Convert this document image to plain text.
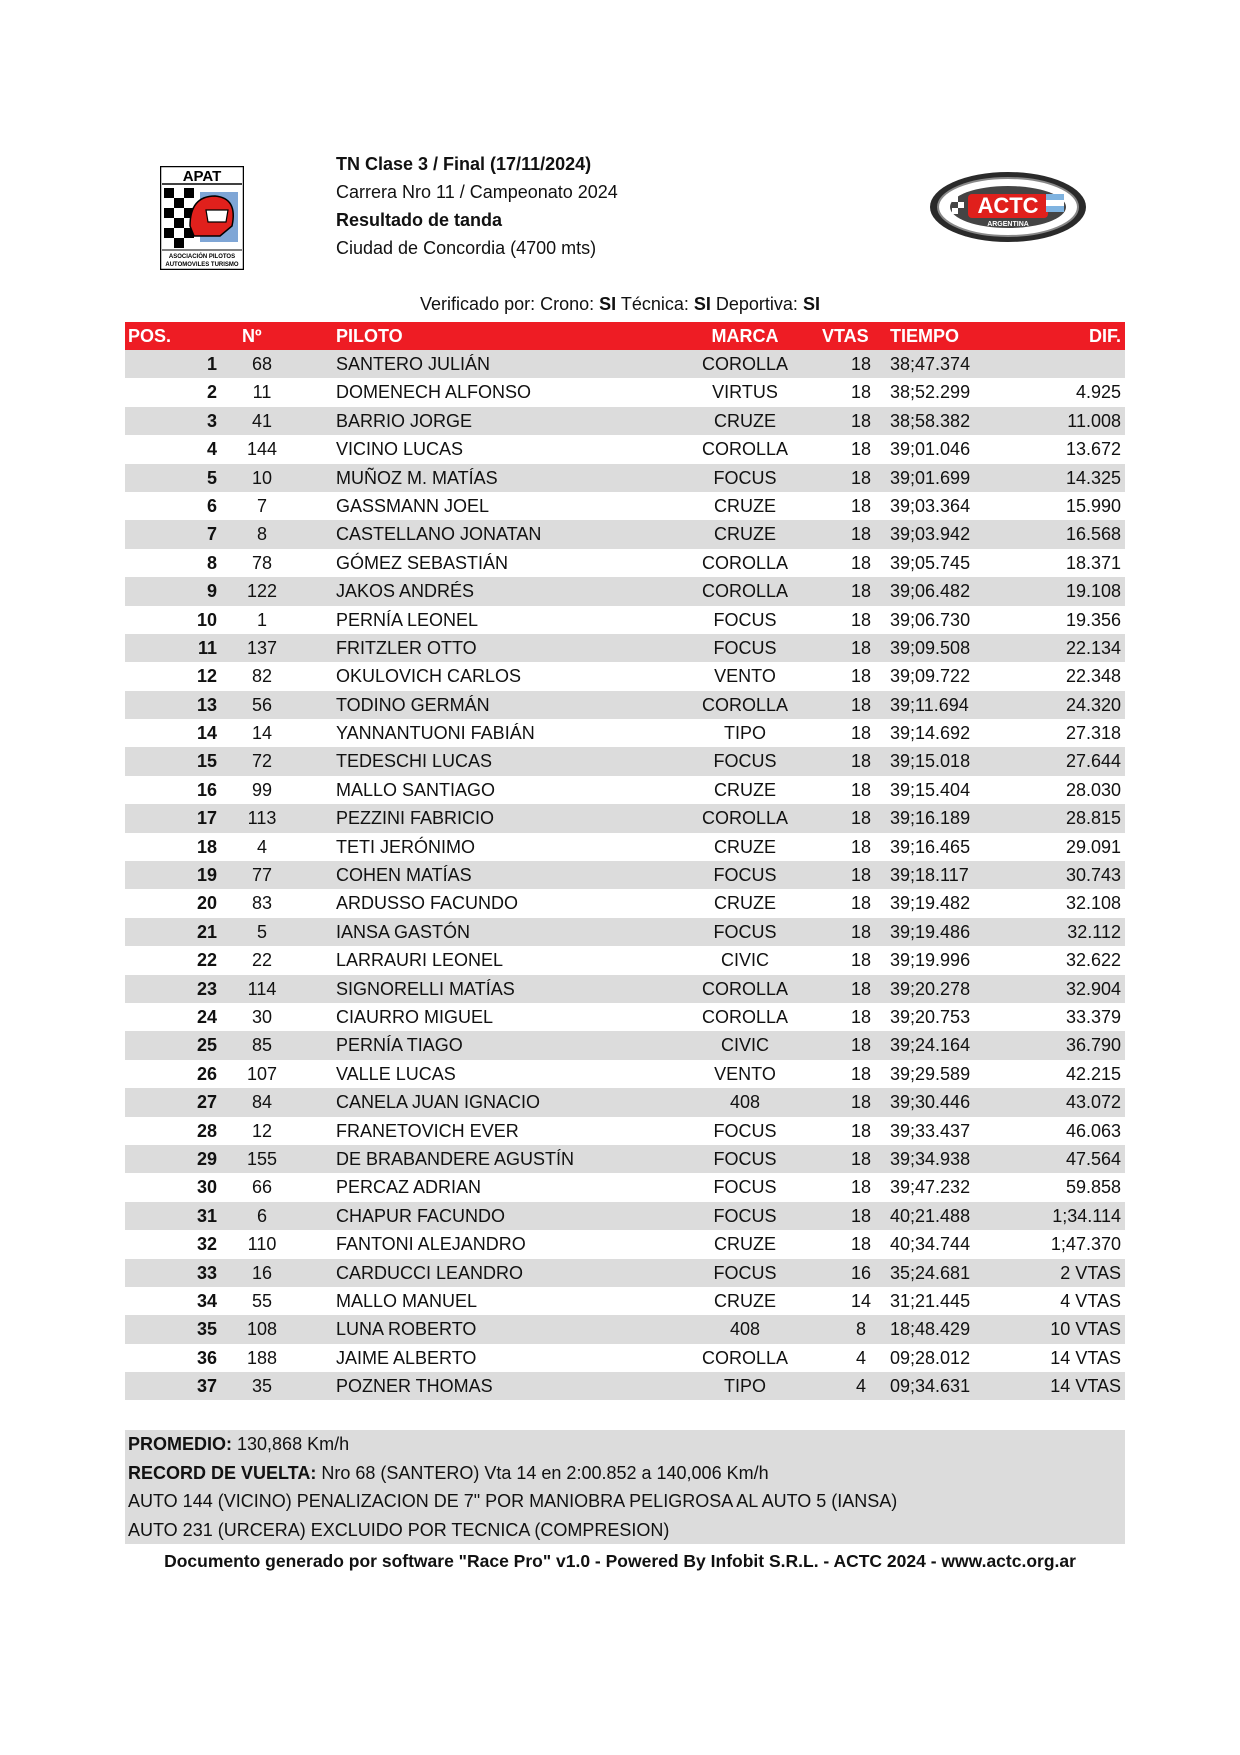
APAT
ASOCIACIÓN PILOTOS
AUTOMOVILES TURISMO
ACTC
ARGENTINA
TN Clase 3 / Final (17/11/2024)
Carrera Nro 11 / Campeonato 2024
Resultado de tanda
Ciudad de Concordia (4700 mts)
Verificado por: Crono: SI Técnica: SI Deportiva: SI
POS.	Nº	PILOTO	MARCA	VTAS TIEMPO	DIF.
1	68	SANTERO JULIÁN	COROLLA	18	38;47.374
2	11	DOMENECH ALFONSO	VIRTUS	18	38;52.299	4.925
3	41	BARRIO JORGE	CRUZE	18	38;58.382	11.008
4	144	VICINO LUCAS	COROLLA	18	39;01.046	13.672
5	10	MUÑOZ M. MATÍAS	FOCUS	18	39;01.699	14.325
6	7	GASSMANN JOEL	CRUZE	18	39;03.364	15.990
7	8	CASTELLANO JONATAN	CRUZE	18	39;03.942	16.568
8	78	GÓMEZ SEBASTIÁN	COROLLA	18	39;05.745	18.371
9	122	JAKOS ANDRÉS	COROLLA	18	39;06.482	19.108
10	1	PERNÍA LEONEL	FOCUS	18	39;06.730	19.356
11	137	FRITZLER OTTO	FOCUS	18	39;09.508	22.134
12	82	OKULOVICH CARLOS	VENTO	18	39;09.722	22.348
13	56	TODINO GERMÁN	COROLLA	18	39;11.694	24.320
14	14	YANNANTUONI FABIÁN	TIPO	18	39;14.692	27.318
15	72	TEDESCHI LUCAS	FOCUS	18	39;15.018	27.644
16	99	MALLO SANTIAGO	CRUZE	18	39;15.404	28.030
17	113	PEZZINI FABRICIO	COROLLA	18	39;16.189	28.815
18	4	TETI JERÓNIMO	CRUZE	18	39;16.465	29.091
19	77	COHEN MATÍAS	FOCUS	18	39;18.117	30.743
20	83	ARDUSSO FACUNDO	CRUZE	18	39;19.482	32.108
21	5	IANSA GASTÓN	FOCUS	18	39;19.486	32.112
22	22	LARRAURI LEONEL	CIVIC	18	39;19.996	32.622
23	114	SIGNORELLI MATÍAS	COROLLA	18	39;20.278	32.904
24	30	CIAURRO MIGUEL	COROLLA	18	39;20.753	33.379
25	85	PERNÍA TIAGO	CIVIC	18	39;24.164	36.790
26	107	VALLE LUCAS	VENTO	18	39;29.589	42.215
27	84	CANELA JUAN IGNACIO	408	18	39;30.446	43.072
28	12	FRANETOVICH EVER	FOCUS	18	39;33.437	46.063
29	155	DE BRABANDERE AGUSTÍN	FOCUS	18	39;34.938	47.564
30	66	PERCAZ ADRIAN	FOCUS	18	39;47.232	59.858
31	6	CHAPUR FACUNDO	FOCUS	18	40;21.488	1;34.114
32	110	FANTONI ALEJANDRO	CRUZE	18	40;34.744	1;47.370
33	16	CARDUCCI LEANDRO	FOCUS	16	35;24.681	2 VTAS
34	55	MALLO MANUEL	CRUZE	14	31;21.445	4 VTAS
35	108	LUNA ROBERTO	408	8	18;48.429	10 VTAS
36	188	JAIME ALBERTO	COROLLA	4	09;28.012	14 VTAS
37	35	POZNER THOMAS	TIPO	4	09;34.631	14 VTAS
PROMEDIO: 130,868 Km/h
RECORD DE VUELTA: Nro 68 (SANTERO) Vta 14 en 2:00.852 a 140,006 Km/h
AUTO 144 (VICINO) PENALIZACION DE 7" POR MANIOBRA PELIGROSA AL AUTO 5 (IANSA)
AUTO 231 (URCERA) EXCLUIDO POR TECNICA (COMPRESION)
Documento generado por software "Race Pro" v1.0 - Powered By Infobit S.R.L. - ACTC 2024 - www.actc.org.ar
